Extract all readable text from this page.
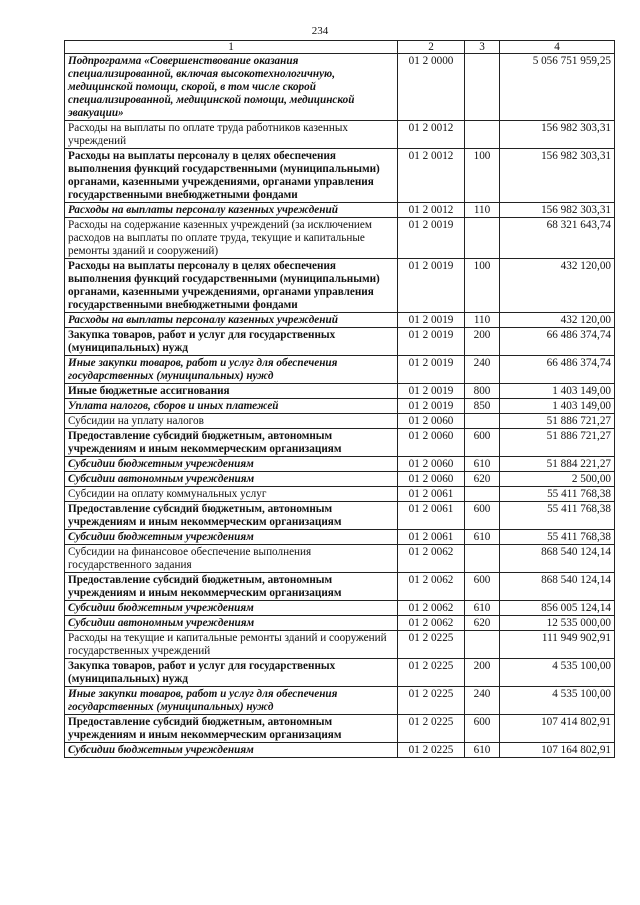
234
1	2	3	4
Подпрограмма «Совершенствование оказания специализированной, включая высокотехнологичную, медицинской помощи, скорой, в том числе скорой специализированной, медицинской помощи, медицинской эвакуации»	01 2 0000		5 056 751 959,25
Расходы на выплаты по оплате труда работников казенных учреждений	01 2 0012		156 982 303,31
Расходы на выплаты персоналу в целях обеспечения выполнения функций государственными (муниципальными) органами, казенными учреждениями, органами управления государственными внебюджетными фондами	01 2 0012	100	156 982 303,31
Расходы на выплаты персоналу казенных учреждений	01 2 0012	110	156 982 303,31
Расходы на содержание казенных учреждений (за исключением расходов на выплаты по оплате труда, текущие и капитальные ремонты зданий и сооружений)	01 2 0019		68 321 643,74
Расходы на выплаты персоналу в целях обеспечения выполнения функций государственными (муниципальными) органами, казенными учреждениями, органами управления государственными внебюджетными фондами	01 2 0019	100	432 120,00
Расходы на выплаты персоналу казенных учреждений	01 2 0019	110	432 120,00
Закупка товаров, работ и услуг для государственных (муниципальных) нужд	01 2 0019	200	66 486 374,74
Иные закупки товаров, работ и услуг для обеспечения государственных (муниципальных) нужд	01 2 0019	240	66 486 374,74
Иные бюджетные ассигнования	01 2 0019	800	1 403 149,00
Уплата налогов, сборов и иных платежей	01 2 0019	850	1 403 149,00
Субсидии на уплату налогов	01 2 0060		51 886 721,27
Предоставление субсидий бюджетным, автономным учреждениям и иным некоммерческим организациям	01 2 0060	600	51 886 721,27
Субсидии бюджетным учреждениям	01 2 0060	610	51 884 221,27
Субсидии автономным учреждениям	01 2 0060	620	2 500,00
Субсидии на оплату коммунальных услуг	01 2 0061		55 411 768,38
Предоставление субсидий бюджетным, автономным учреждениям и иным некоммерческим организациям	01 2 0061	600	55 411 768,38
Субсидии бюджетным учреждениям	01 2 0061	610	55 411 768,38
Субсидии на финансовое обеспечение выполнения государственного задания	01 2 0062		868 540 124,14
Предоставление субсидий бюджетным, автономным учреждениям и иным некоммерческим организациям	01 2 0062	600	868 540 124,14
Субсидии бюджетным учреждениям	01 2 0062	610	856 005 124,14
Субсидии автономным учреждениям	01 2 0062	620	12 535 000,00
Расходы на текущие и капитальные ремонты зданий и сооружений государственных учреждений	01 2 0225		111 949 902,91
Закупка товаров, работ и услуг для государственных (муниципальных) нужд	01 2 0225	200	4 535 100,00
Иные закупки товаров, работ и услуг для обеспечения государственных (муниципальных) нужд	01 2 0225	240	4 535 100,00
Предоставление субсидий бюджетным, автономным учреждениям и иным некоммерческим организациям	01 2 0225	600	107 414 802,91
Субсидии бюджетным учреждениям	01 2 0225	610	107 164 802,91
